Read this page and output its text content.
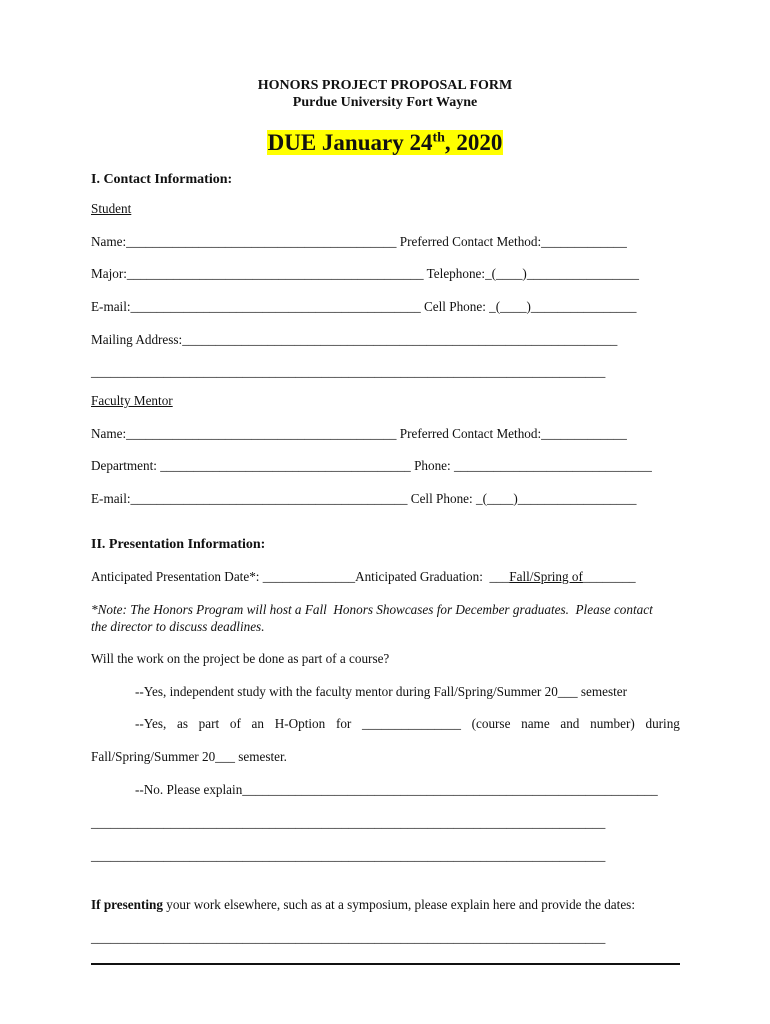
HONORS PROJECT PROPOSAL FORM
Purdue University Fort Wayne
DUE January 24th, 2020
I. Contact Information:
Student
Name:_________________________________________ Preferred Contact Method:_____________
Major:_____________________________________________ Telephone:_(____)_________________
E-mail:____________________________________________ Cell Phone: _(____)________________
Mailing Address:__________________________________________________________________
______________________________________________________________________________
Faculty Mentor
Name:_________________________________________ Preferred Contact Method:_____________
Department: ______________________________________ Phone: ______________________________
E-mail:__________________________________________ Cell Phone: _(____)__________________
II. Presentation Information:
Anticipated Presentation Date*: ______________Anticipated Graduation:  ___Fall/Spring of________
*Note: The Honors Program will host a Fall  Honors Showcases for December graduates.  Please contact
the director to discuss deadlines.
Will the work on the project be done as part of a course?
--Yes, independent study with the faculty mentor during Fall/Spring/Summer 20___ semester
--Yes, as part of an H-Option for _______________ (course name and number) during
Fall/Spring/Summer 20___ semester.
--No. Please explain_______________________________________________________________
______________________________________________________________________________
______________________________________________________________________________
If presenting your work elsewhere, such as at a symposium, please explain here and provide the dates:
______________________________________________________________________________
